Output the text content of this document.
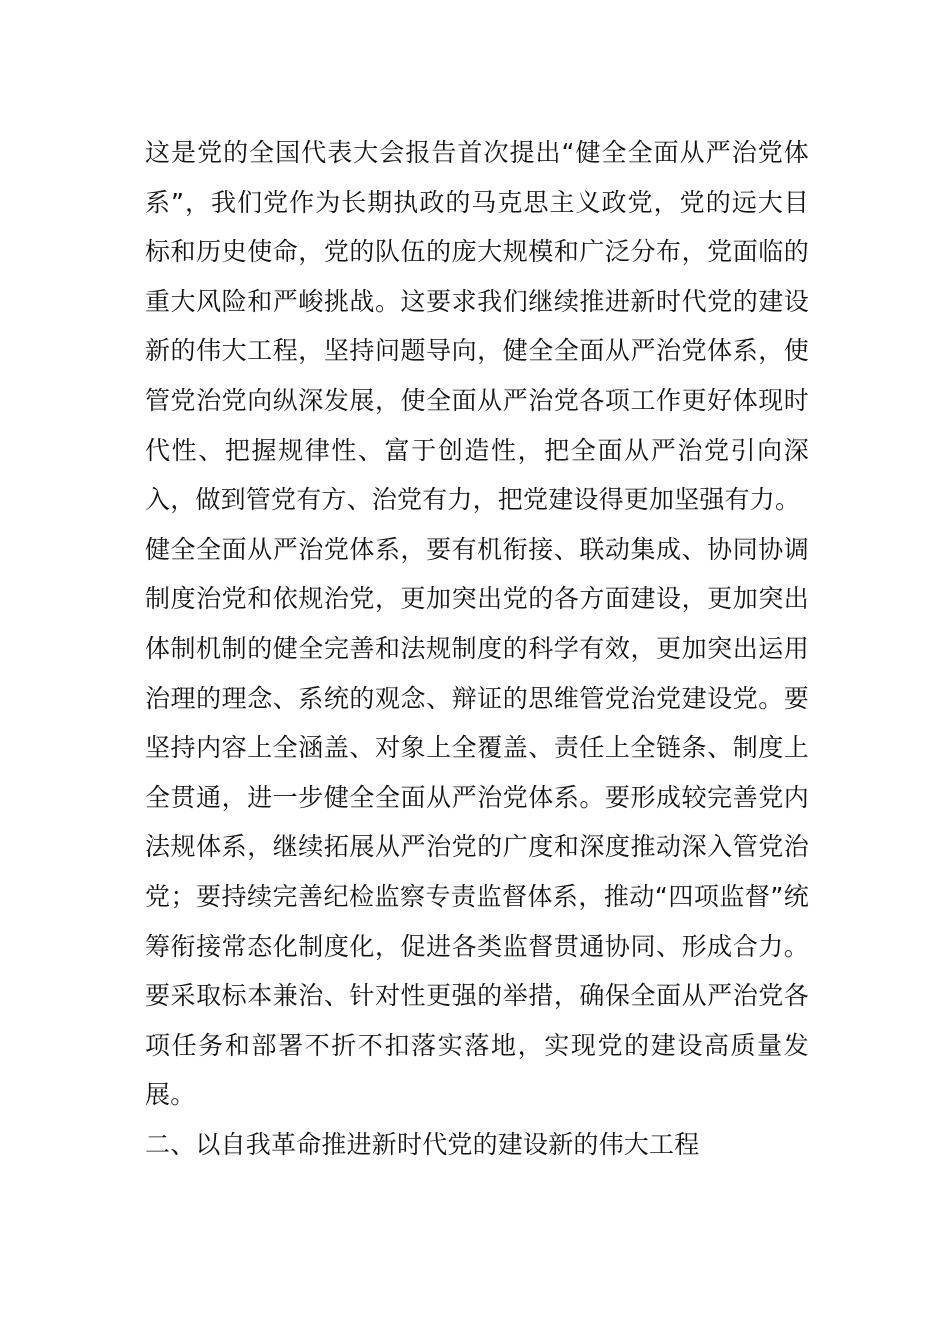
这是党的全国代表大会报告首次提出“健全全面从严治党体系”，我们党作为长期执政的马克思主义政党，党的远大目标和历史使命，党的队伍的庞大规模和广泛分布，党面临的重大风险和严峻挑战。这要求我们继续推进新时代党的建设新的伟大工程，坚持问题导向，健全全面从严治党体系，使管党治党向纵深发展，使全面从严治党各项工作更好体现时代性、把握规律性、富于创造性，把全面从严治党引向深入，做到管党有方、治党有力，把党建设得更加坚强有力。

健全全面从严治党体系，要有机衔接、联动集成、协同协调制度治党和依规治党，更加突出党的各方面建设，更加突出体制机制的健全完善和法规制度的科学有效，更加突出运用治理的理念、系统的观念、辩证的思维管党治党建设党。要坚持内容上全涵盖、对象上全覆盖、责任上全链条、制度上全贯通，进一步健全全面从严治党体系。要形成较完善党内法规体系，继续拓展从严治党的广度和深度推动深入管党治党；要持续完善纪检监察专责监督体系，推动“四项监督”统筹衔接常态化制度化，促进各类监督贯通协同、形成合力。要采取标本兼治、针对性更强的举措，确保全面从严治党各项任务和部署不折不扣落实落地，实现党的建设高质量发展。

二、以自我革命推进新时代党的建设新的伟大工程
